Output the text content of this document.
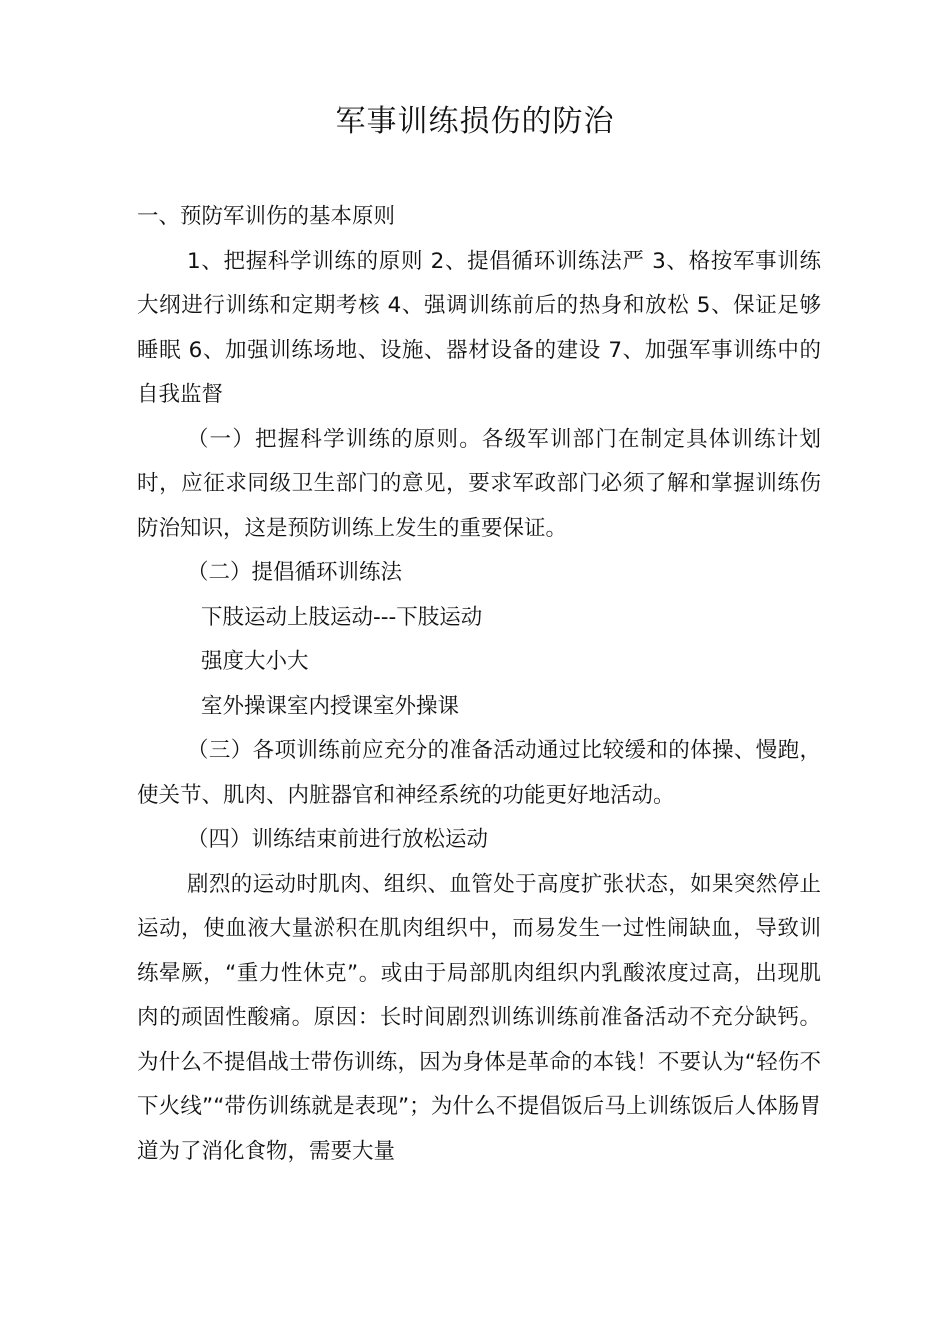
军事训练损伤的防治

一、预防军训伤的基本原则

1、把握科学训练的原则 2、提倡循环训练法严 3、格按军事训练大纲进行训练和定期考核 4、强调训练前后的热身和放松 5、保证足够睡眠 6、加强训练场地、设施、器材设备的建设 7、加强军事训练中的自我监督

（一）把握科学训练的原则。各级军训部门在制定具体训练计划时，应征求同级卫生部门的意见，要求军政部门必须了解和掌握训练伤防治知识，这是预防训练上发生的重要保证。

（二）提倡循环训练法

下肢运动上肢运动---下肢运动

强度大小大

室外操课室内授课室外操课

（三）各项训练前应充分的准备活动通过比较缓和的体操、慢跑，使关节、肌肉、内脏器官和神经系统的功能更好地活动。

（四）训练结束前进行放松运动

剧烈的运动时肌肉、组织、血管处于高度扩张状态，如果突然停止运动，使血液大量淤积在肌肉组织中，而易发生一过性闹缺血，导致训练晕厥，“重力性休克”。或由于局部肌肉组织内乳酸浓度过高，出现肌肉的顽固性酸痛。原因：长时间剧烈训练训练前准备活动不充分缺钙。为什么不提倡战士带伤训练，因为身体是革命的本钱！不要认为“轻伤不下火线”“带伤训练就是表现”；为什么不提倡饭后马上训练饭后人体肠胃道为了消化食物，需要大量
